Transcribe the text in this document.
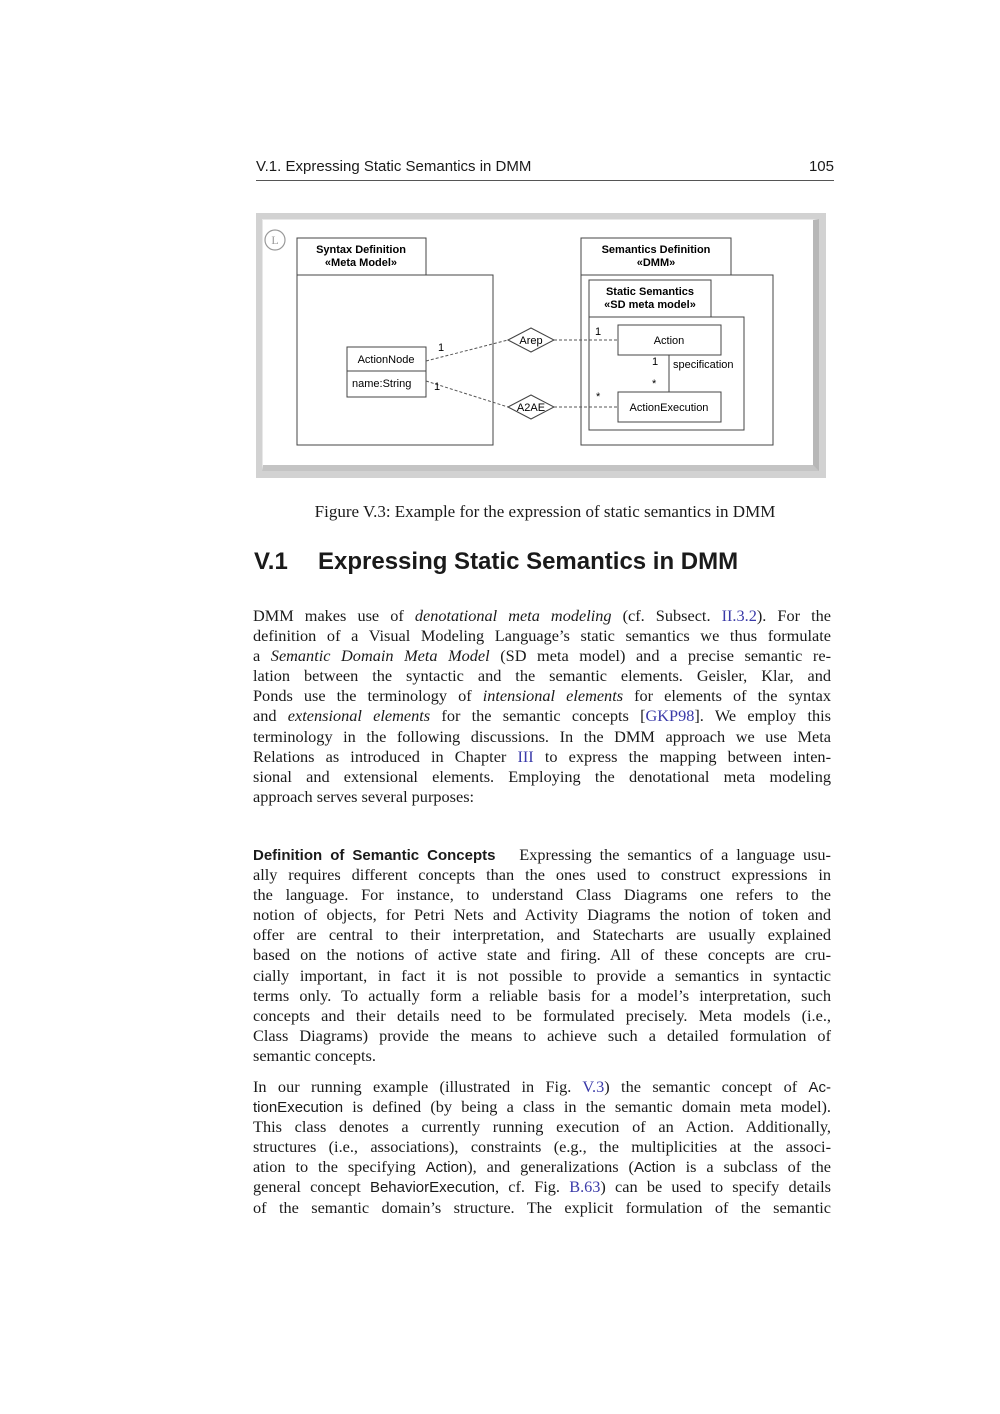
V.1. Expressing Static Semantics in DMM	105
L
Syntax Definition
«Meta Model»
Semantics Definition
«DMM»
Static Semantics
«SD meta model»
ActionNode
name:String
Action
ActionExecution
1
*
specification
Arep
A2AE
1
1
1
*
Figure V.3: Example for the expression of static semantics in DMM
V.1 Expressing Static Semantics in DMM
DMM makes use of denotational meta modeling (cf. Subsect. II.3.2). For the
definition of a Visual Modeling Language’s static semantics we thus formulate
a Semantic Domain Meta Model (SD meta model) and a precise semantic re-
lation between the syntactic and the semantic elements. Geisler, Klar, and
Ponds use the terminology of intensional elements for elements of the syntax
and extensional elements for the semantic concepts [GKP98]. We employ this
terminology in the following discussions. In the DMM approach we use Meta
Relations as introduced in Chapter III to express the mapping between inten-
sional and extensional elements. Employing the denotational meta modeling
approach serves several purposes:
Definition of Semantic Concepts Expressing the semantics of a language usu-
ally requires different concepts than the ones used to construct expressions in
the language. For instance, to understand Class Diagrams one refers to the
notion of objects, for Petri Nets and Activity Diagrams the notion of token and
offer are central to their interpretation, and Statecharts are usually explained
based on the notions of active state and firing. All of these concepts are cru-
cially important, in fact it is not possible to provide a semantics in syntactic
terms only. To actually form a reliable basis for a model’s interpretation, such
concepts and their details need to be formulated precisely. Meta models (i.e.,
Class Diagrams) provide the means to achieve such a detailed formulation of
semantic concepts.
In our running example (illustrated in Fig. V.3) the semantic concept of Ac-
tionExecution is defined (by being a class in the semantic domain meta model).
This class denotes a currently running execution of an Action. Additionally,
structures (i.e., associations), constraints (e.g., the multiplicities at the associ-
ation to the specifying Action), and generalizations (Action is a subclass of the
general concept BehaviorExecution, cf. Fig. B.63) can be used to specify details
of the semantic domain’s structure. The explicit formulation of the semantic
